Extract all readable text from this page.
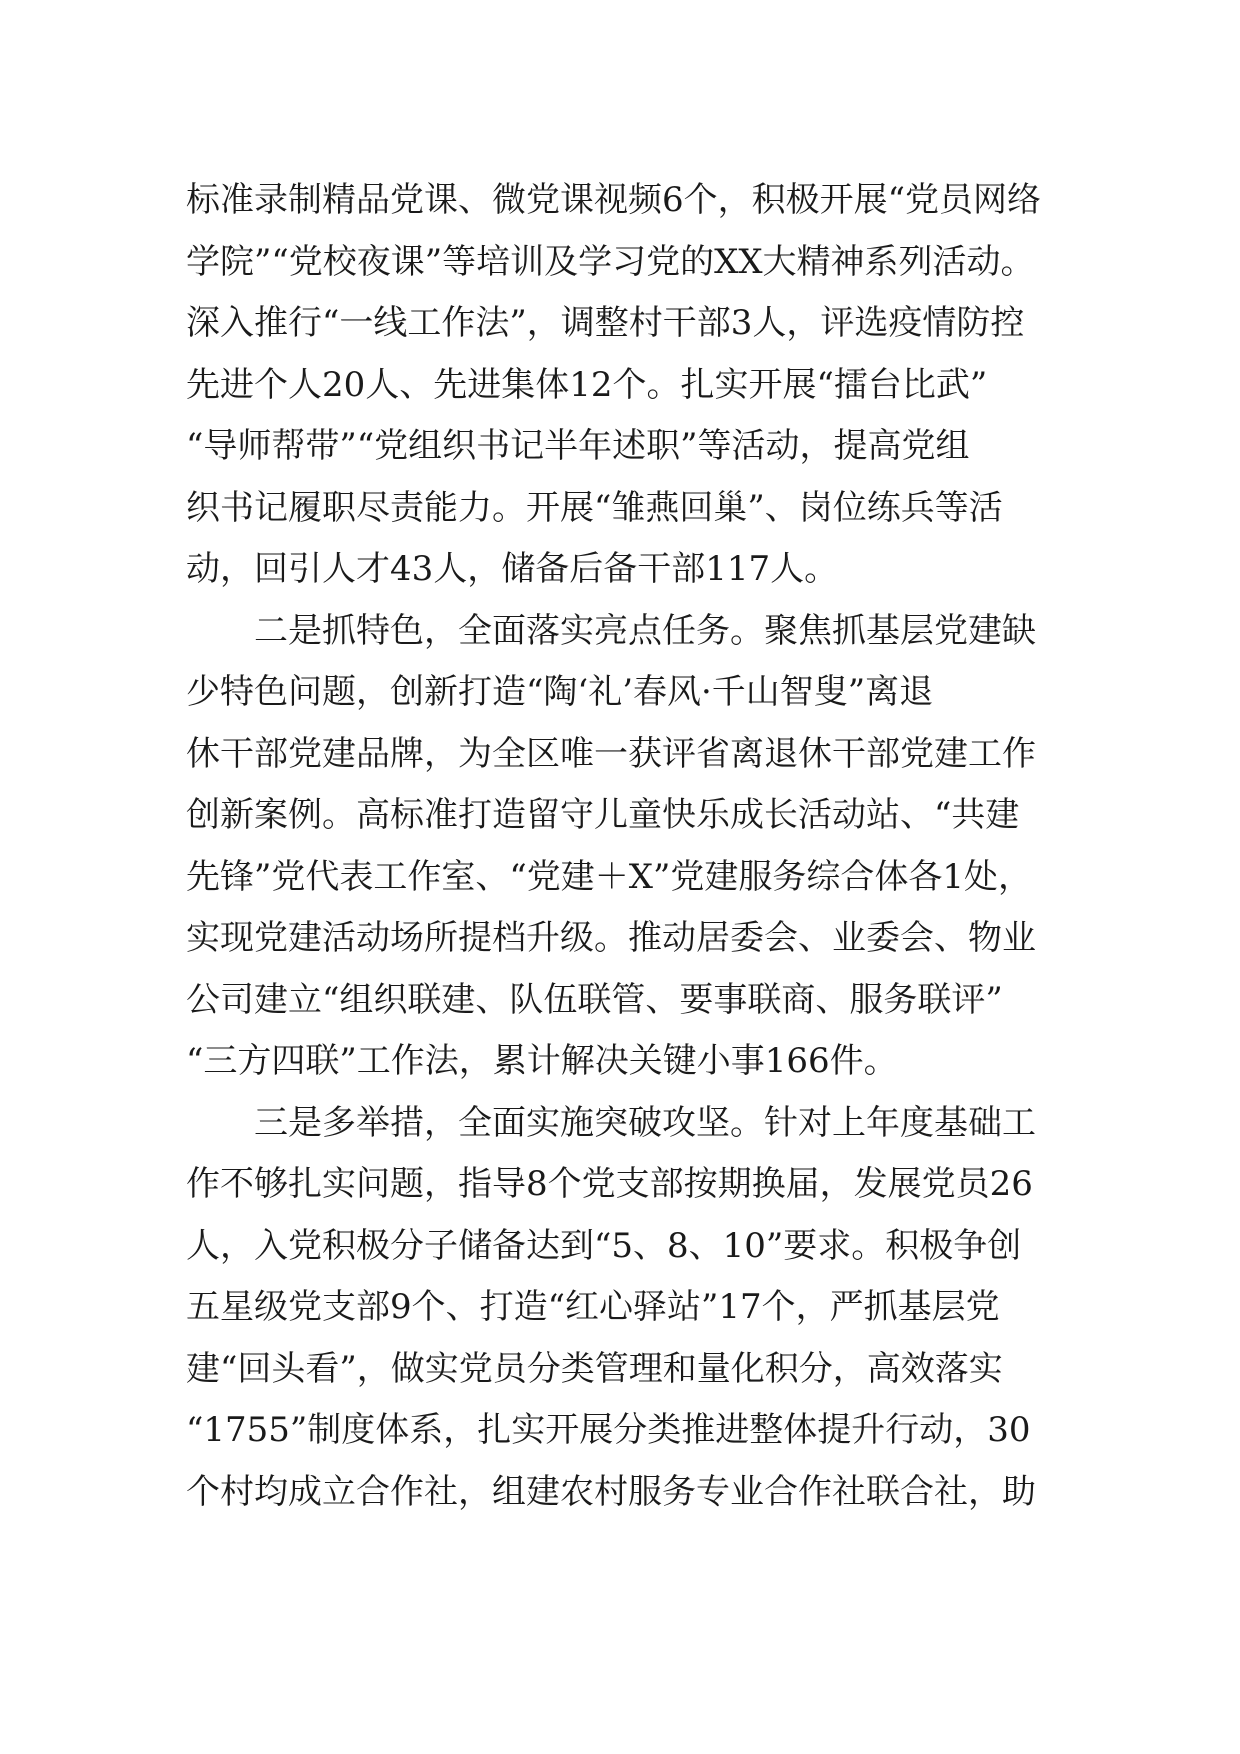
标准录制精品党课、微党课视频6个，积极开展“党员网络
学院”“党校夜课”等培训及学习党的XX大精神系列活动。
深入推行“一线工作法”，调整村干部3人，评选疫情防控
先进个人20人、先进集体12个。扎实开展“擂台比武”
“导师帮带”“党组织书记半年述职”等活动，提高党组
织书记履职尽责能力。开展“雏燕回巢”、岗位练兵等活
动，回引人才43人，储备后备干部117人。
二是抓特色，全面落实亮点任务。聚焦抓基层党建缺
少特色问题，创新打造“陶‘礼’春风·千山智叟”离退
休干部党建品牌，为全区唯一获评省离退休干部党建工作
创新案例。高标准打造留守儿童快乐成长活动站、“共建
先锋”党代表工作室、“党建＋X”党建服务综合体各1处，
实现党建活动场所提档升级。推动居委会、业委会、物业
公司建立“组织联建、队伍联管、要事联商、服务联评”
“三方四联”工作法，累计解决关键小事166件。
三是多举措，全面实施突破攻坚。针对上年度基础工
作不够扎实问题，指导8个党支部按期换届，发展党员26
人，入党积极分子储备达到“5、8、10”要求。积极争创
五星级党支部9个、打造“红心驿站”17个，严抓基层党
建“回头看”，做实党员分类管理和量化积分，高效落实
“1755”制度体系，扎实开展分类推进整体提升行动，30
个村均成立合作社，组建农村服务专业合作社联合社，助
